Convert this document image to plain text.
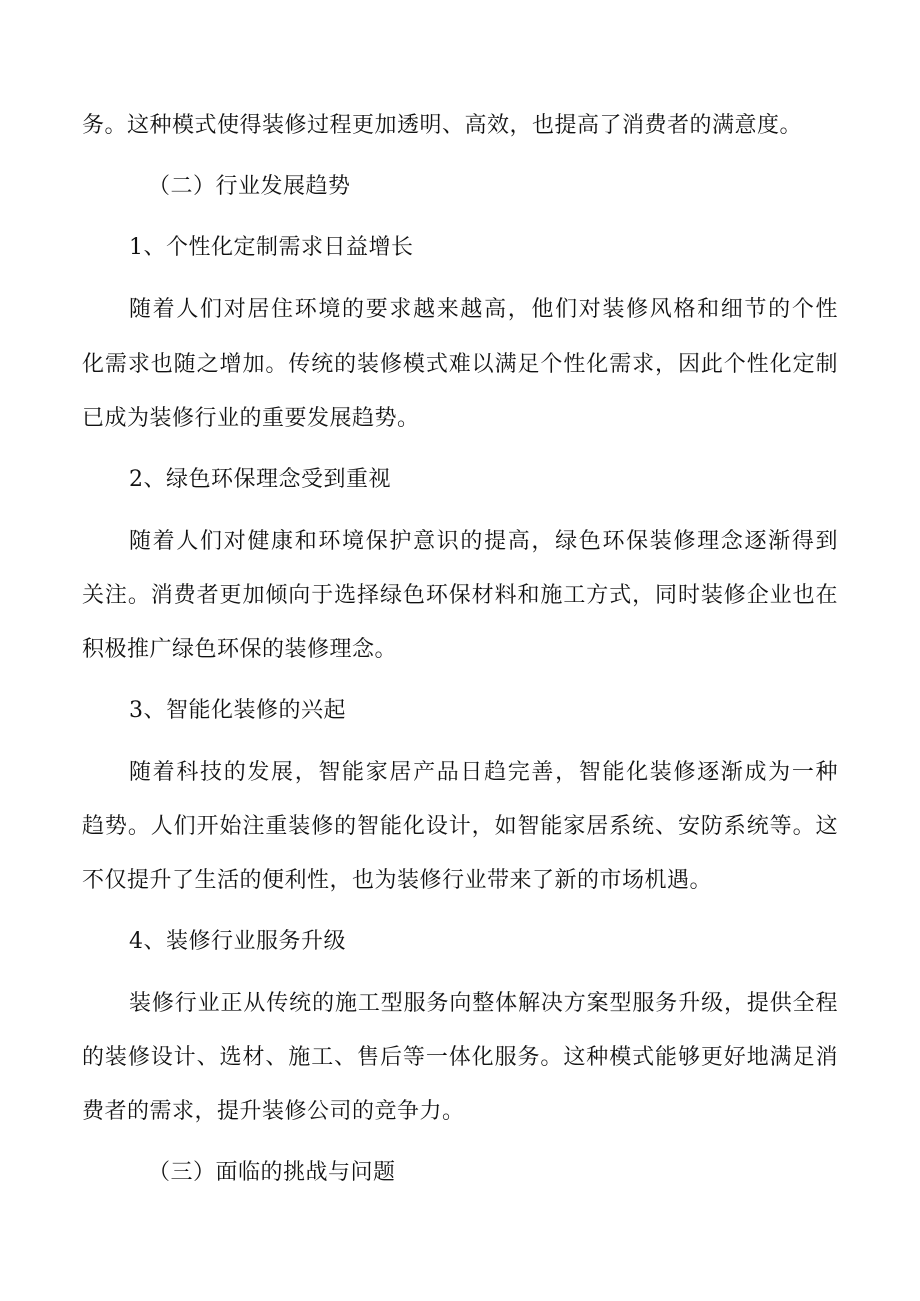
务。这种模式使得装修过程更加透明、高效，也提高了消费者的满意度。
（二）行业发展趋势
1、个性化定制需求日益增长
随着人们对居住环境的要求越来越高，他们对装修风格和细节的个性
化需求也随之增加。传统的装修模式难以满足个性化需求，因此个性化定制
已成为装修行业的重要发展趋势。
2、绿色环保理念受到重视
随着人们对健康和环境保护意识的提高，绿色环保装修理念逐渐得到
关注。消费者更加倾向于选择绿色环保材料和施工方式，同时装修企业也在
积极推广绿色环保的装修理念。
3、智能化装修的兴起
随着科技的发展，智能家居产品日趋完善，智能化装修逐渐成为一种
趋势。人们开始注重装修的智能化设计，如智能家居系统、安防系统等。这
不仅提升了生活的便利性，也为装修行业带来了新的市场机遇。
4、装修行业服务升级
装修行业正从传统的施工型服务向整体解决方案型服务升级，提供全程
的装修设计、选材、施工、售后等一体化服务。这种模式能够更好地满足消
费者的需求，提升装修公司的竞争力。
（三）面临的挑战与问题
